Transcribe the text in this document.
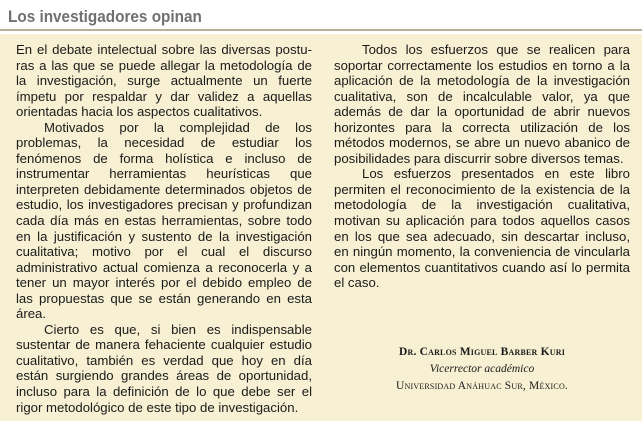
Los investigadores opinan

En el debate intelectual sobre las diversas posturas a las que se puede allegar la metodología de la investigación, surge actualmente un fuerte ímpetu por respaldar y dar validez a aquellas orientadas hacia los aspectos cualitativos.

Motivados por la complejidad de los problemas, la necesidad de estudiar los fenómenos de forma holística e incluso de instrumentar herramientas heurísticas que interpreten debidamente determinados objetos de estudio, los investigadores precisan y profundizan cada día más en estas herramientas, sobre todo en la justificación y sustento de la investigación cualitativa; motivo por el cual el discurso administrativo actual comienza a reconocerla y a tener un mayor interés por el debido empleo de las propuestas que se están generando en esta área.

Cierto es que, si bien es indispensable sustentar de manera fehaciente cualquier estudio cualitativo, también es verdad que hoy en día están surgiendo grandes áreas de oportunidad, incluso para la definición de lo que debe ser el rigor metodológico de este tipo de investigación.

Todos los esfuerzos que se realicen para soportar correctamente los estudios en torno a la aplicación de la metodología de la investigación cualitativa, son de incalculable valor, ya que además de dar la oportunidad de abrir nuevos horizontes para la correcta utilización de los métodos modernos, se abre un nuevo abanico de posibilidades para discurrir sobre diversos temas.

Los esfuerzos presentados en este libro permiten el reconocimiento de la existencia de la metodología de la investigación cualitativa, motivan su aplicación para todos aquellos casos en los que sea adecuado, sin descartar incluso, en ningún momento, la conveniencia de vincularla con elementos cuantitativos cuando así lo permita el caso.

Dr. Carlos Miguel Barber Kuri
Vicerrector académico
Universidad Anáhuac Sur, México.
